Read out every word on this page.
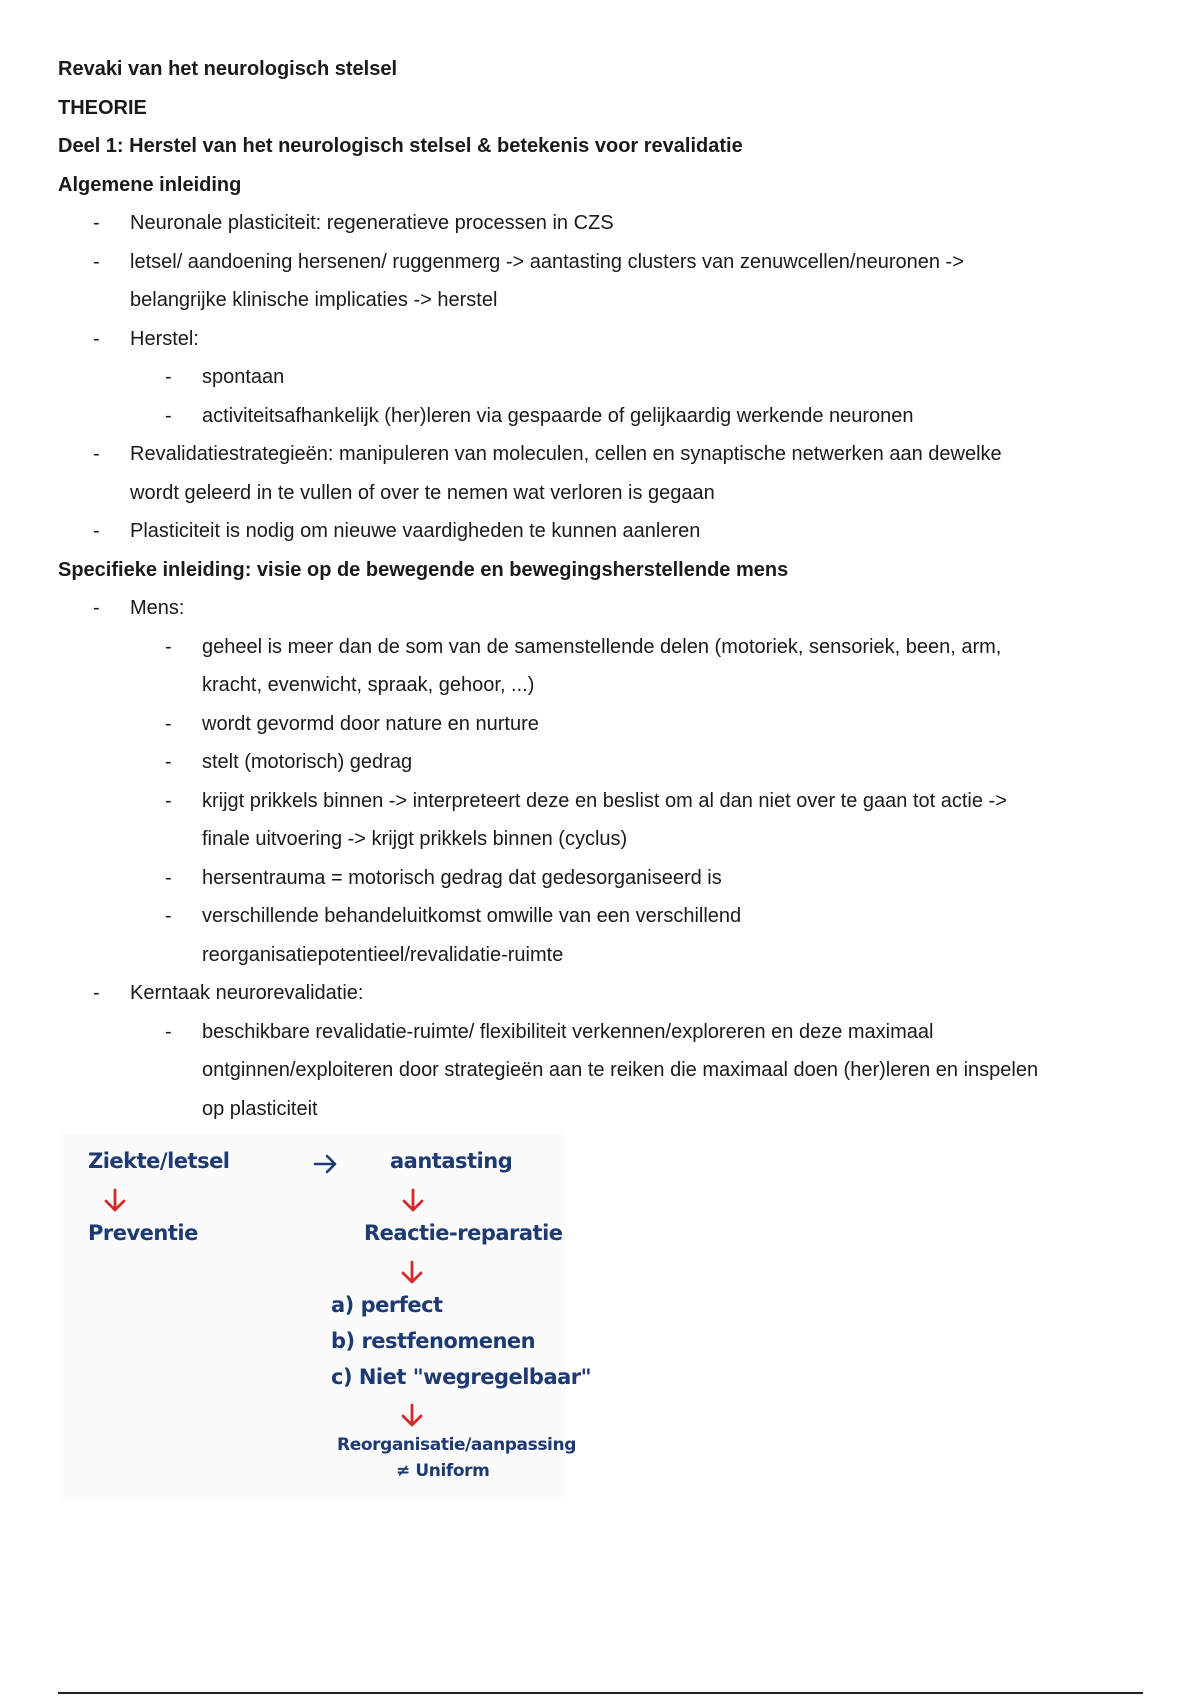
Revaki van het neurologisch stelsel
THEORIE
Deel 1: Herstel van het neurologisch stelsel & betekenis voor revalidatie
Algemene inleiding
- Neuronale plasticiteit: regeneratieve processen in CZS
- letsel/ aandoening hersenen/ ruggenmerg -> aantasting clusters van zenuwcellen/neuronen ->
belangrijke klinische implicaties -> herstel
- Herstel:
- spontaan
- activiteitsafhankelijk (her)leren via gespaarde of gelijkaardig werkende neuronen
- Revalidatiestrategieën: manipuleren van moleculen, cellen en synaptische netwerken aan dewelke
wordt geleerd in te vullen of over te nemen wat verloren is gegaan
- Plasticiteit is nodig om nieuwe vaardigheden te kunnen aanleren
Specifieke inleiding: visie op de bewegende en bewegingsherstellende mens
- Mens:
- geheel is meer dan de som van de samenstellende delen (motoriek, sensoriek, been, arm,
kracht, evenwicht, spraak, gehoor, ...)
- wordt gevormd door nature en nurture
- stelt (motorisch) gedrag
- krijgt prikkels binnen -> interpreteert deze en beslist om al dan niet over te gaan tot actie ->
finale uitvoering -> krijgt prikkels binnen (cyclus)
- hersentrauma = motorisch gedrag dat gedesorganiseerd is
- verschillende behandeluitkomst omwille van een verschillend
reorganisatiepotentieel/revalidatie-ruimte
- Kerntaak neurorevalidatie:
- beschikbare revalidatie-ruimte/ flexibiliteit verkennen/exploreren en deze maximaal
ontginnen/exploiteren door strategieën aan te reiken die maximaal doen (her)leren en inspelen
op plasticiteit
Ziekte/letsel	aantasting
Preventie	Reactie-reparatie
a) perfect
b) restfenomenen
c) Niet "wegregelbaar"
Reorganisatie/aanpassing
≠ Uniform
